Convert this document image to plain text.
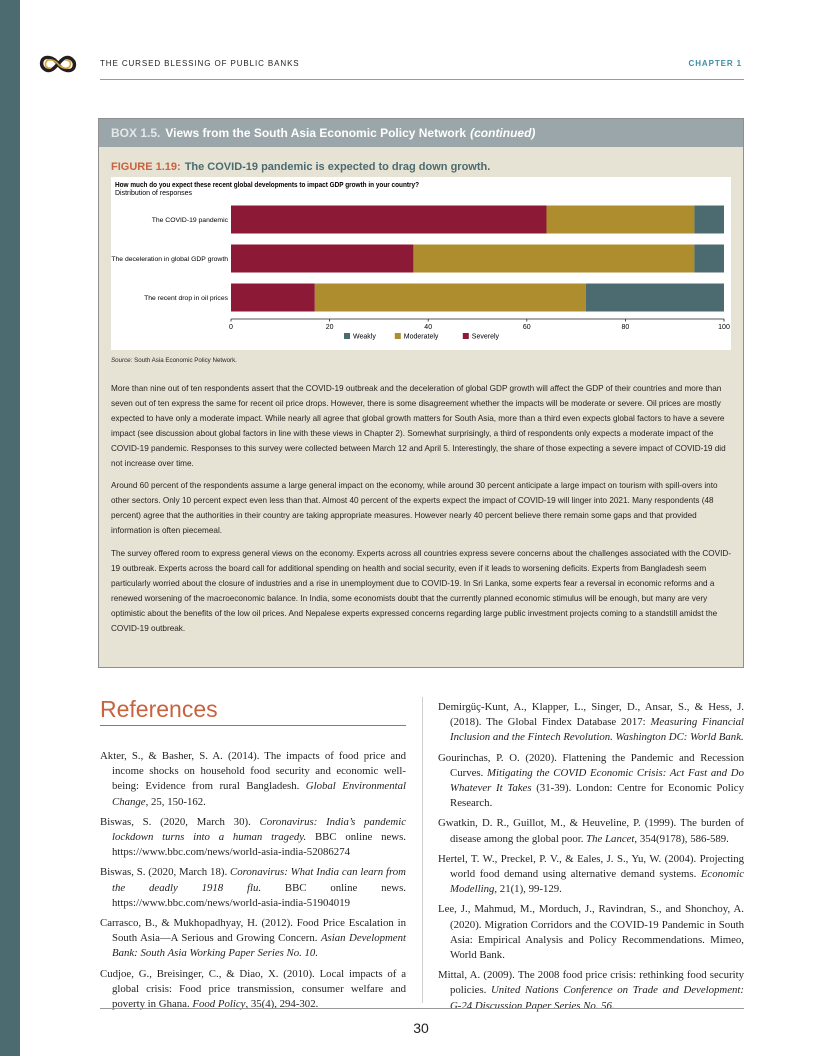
THE CURSED BLESSING OF PUBLIC BANKS	CHAPTER 1
BOX 1.5. Views from the South Asia Economic Policy Network (continued)
FIGURE 1.19: The COVID-19 pandemic is expected to drag down growth.
How much do you expect these recent global developments to impact GDP growth in your country?
Distribution of responses
The COVID-19 pandemic
The deceleration in global GDP growth
The recent drop in oil prices
0	20	40	60	80	100
Weakly	Moderately	Severely
Source: South Asia Economic Policy Network.

More than nine out of ten respondents assert that the COVID-19 outbreak and the deceleration of global GDP growth will affect the GDP of their countries and more than seven out of ten express the same for recent oil price drops. However, there is some disagreement whether the impacts will be moderate or severe. Oil prices are mostly expected to have only a moderate impact. While nearly all agree that global growth matters for South Asia, more than a third even expects global factors to have a severe impact (see discussion about global factors in line with these views in Chapter 2). Somewhat surprisingly, a third of respondents only expects a moderate impact of the COVID-19 pandemic. Responses to this survey were collected between March 12 and April 5. Interestingly, the share of those expecting a severe impact of COVID-19 did not increase over time.

Around 60 percent of the respondents assume a large general impact on the economy, while around 30 percent anticipate a large impact on tourism with spill-overs into other sectors. Only 10 percent expect even less than that. Almost 40 percent of the experts expect the impact of COVID-19 will linger into 2021. Many respondents (48 percent) agree that the authorities in their country are taking appropriate measures. However nearly 40 percent believe there remain some gaps and that provided information is often piecemeal.

The survey offered room to express general views on the economy. Experts across all countries express severe concerns about the challenges associated with the COVID-19 outbreak. Experts across the board call for additional spending on health and social security, even if it leads to worsening deficits. Experts from Bangladesh seem particularly worried about the closure of industries and a rise in unemployment due to COVID-19. In Sri Lanka, some experts fear a reversal in economic reforms and a renewed worsening of the macroeconomic balance. In India, some economists doubt that the currently planned economic stimulus will be enough, but many are very optimistic about the benefits of the low oil prices. And Nepalese experts expressed concerns regarding large public investment projects coming to a standstill amidst the COVID-19 outbreak.

References

Akter, S., & Basher, S. A. (2014). The impacts of food price and income shocks on household food security and economic well-being: Evidence from rural Bangladesh. Global Environmental Change, 25, 150-162.

Biswas, S. (2020, March 30). Coronavirus: India’s pandemic lockdown turns into a human tragedy. BBC online news. https://www.bbc.com/news/world-asia-india-52086274

Biswas, S. (2020, March 18). Coronavirus: What India can learn from the deadly 1918 flu. BBC online news. https://www.bbc.com/news/world-asia-india-51904019

Carrasco, B., & Mukhopadhyay, H. (2012). Food Price Escalation in South Asia—A Serious and Growing Concern. Asian Development Bank: South Asia Working Paper Series No. 10.

Cudjoe, G., Breisinger, C., & Diao, X. (2010). Local impacts of a global crisis: Food price transmission, consumer welfare and poverty in Ghana. Food Policy, 35(4), 294-302.

Demirgüç-Kunt, A., Klapper, L., Singer, D., Ansar, S., & Hess, J. (2018). The Global Findex Database 2017: Measuring Financial Inclusion and the Fintech Revolution. Washington DC: World Bank.

Gourinchas, P. O. (2020). Flattening the Pandemic and Recession Curves. Mitigating the COVID Economic Crisis: Act Fast and Do Whatever It Takes (31-39). London: Centre for Economic Policy Research.

Gwatkin, D. R., Guillot, M., & Heuveline, P. (1999). The burden of disease among the global poor. The Lancet, 354(9178), 586-589.

Hertel, T. W., Preckel, P. V., & Eales, J. S., Yu, W. (2004). Projecting world food demand using alternative demand systems. Economic Modelling, 21(1), 99-129.

Lee, J., Mahmud, M., Morduch, J., Ravindran, S., and Shonchoy, A. (2020). Migration Corridors and the COVID-19 Pandemic in South Asia: Empirical Analysis and Policy Recommendations. Mimeo, World Bank.

Mittal, A. (2009). The 2008 food price crisis: rethinking food security policies. United Nations Conference on Trade and Development: G-24 Discussion Paper Series No. 56.

30
